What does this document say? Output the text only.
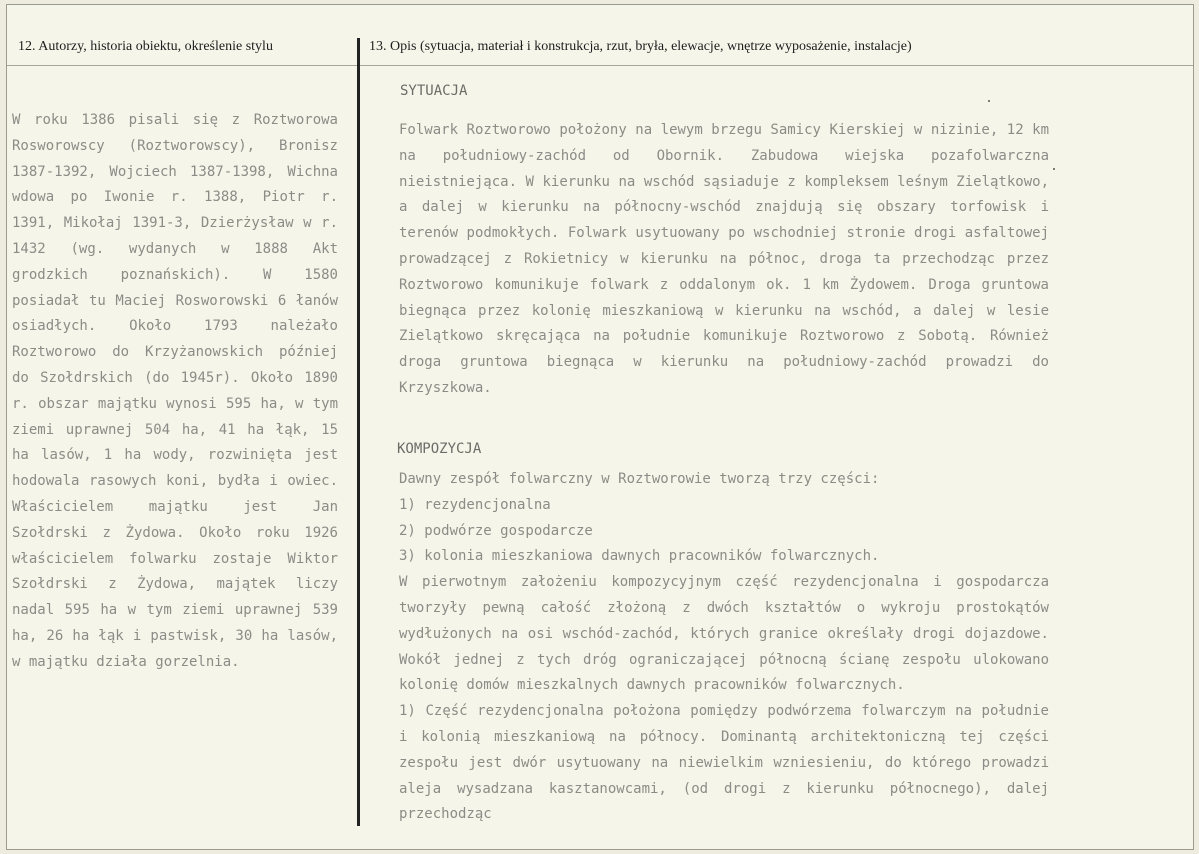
12. Autorzy, historia obiektu, określenie stylu	13. Opis (sytuacja, materiał i konstrukcja, rzut, bryła, elewacje, wnętrze wyposażenie, instalacje)

W roku 1386 pisali się z Roztworowa Rosworowscy (Roztworowscy), Bronisz 1387-1392, Wojciech 1387-1398, Wichna wdowa po Iwonie r. 1388, Piotr r. 1391, Mikołaj 1391-3, Dzierżysław w r. 1432 (wg. wydanych w 1888 Akt grodzkich poznańskich). W 1580 posiadał tu Maciej Rosworowski 6 łanów osiadłych. Około 1793 należało Roztworowo do Krzyżanowskich później do Szołdrskich (do 1945r). Około 1890 r. obszar majątku wynosi 595 ha, w tym ziemi uprawnej 504 ha, 41 ha łąk, 15 ha lasów, 1 ha wody, rozwinięta jest hodowala rasowych koni, bydła i owiec. Właścicielem majątku jest Jan Szołdrski z Żydowa. Około roku 1926 właścicielem folwarku zostaje Wiktor Szołdrski z Żydowa, majątek liczy nadal 595 ha w tym ziemi uprawnej 539 ha, 26 ha łąk i pastwisk, 30 ha lasów, w majątku działa gorzelnia.

SYTUACJA

Folwark Roztworowo położony na lewym brzegu Samicy Kierskiej w nizinie, 12 km na południowy-zachód od Obornik. Zabudowa wiejska pozafolwarczna nieistniejąca. W kierunku na wschód sąsiaduje z kompleksem leśnym Zielątkowo, a dalej w kierunku na północny-wschód znajdują się obszary torfowisk i terenów podmokłych. Folwark usytuowany po wschodniej stronie drogi asfaltowej prowadzącej z Rokietnicy w kierunku na północ, droga ta przechodząc przez Roztworowo komunikuje folwark z oddalonym ok. 1 km Żydowem. Droga gruntowa biegnąca przez kolonię mieszkaniową w kierunku na wschód, a dalej w lesie Zielątkowo skręcająca na południe komunikuje Roztworowo z Sobotą. Również droga gruntowa biegnąca w kierunku na południowy-zachód prowadzi do Krzyszkowa.

KOMPOZYCJA

Dawny zespół folwarczny w Roztworowie tworzą trzy części:

1) rezydencjonalna

2) podwórze gospodarcze

3) kolonia mieszkaniowa dawnych pracowników folwarcznych.

W pierwotnym założeniu kompozycyjnym część rezydencjonalna i gospodarcza tworzyły pewną całość złożoną z dwóch kształtów o wykroju prostokątów wydłużonych na osi wschód-zachód, których granice określały drogi dojazdowe. Wokół jednej z tych dróg ograniczającej północną ścianę zespołu ulokowano kolonię domów mieszkalnych dawnych pracowników folwarcznych.

1) Część rezydencjonalna położona pomiędzy podwórzema folwarczym na południe i kolonią mieszkaniową na północy. Dominantą architektoniczną tej części zespołu jest dwór usytuowany na niewielkim wzniesieniu, do którego prowadzi aleja wysadzana kasztanowcami, (od drogi z kierunku północnego), dalej przechodząc
